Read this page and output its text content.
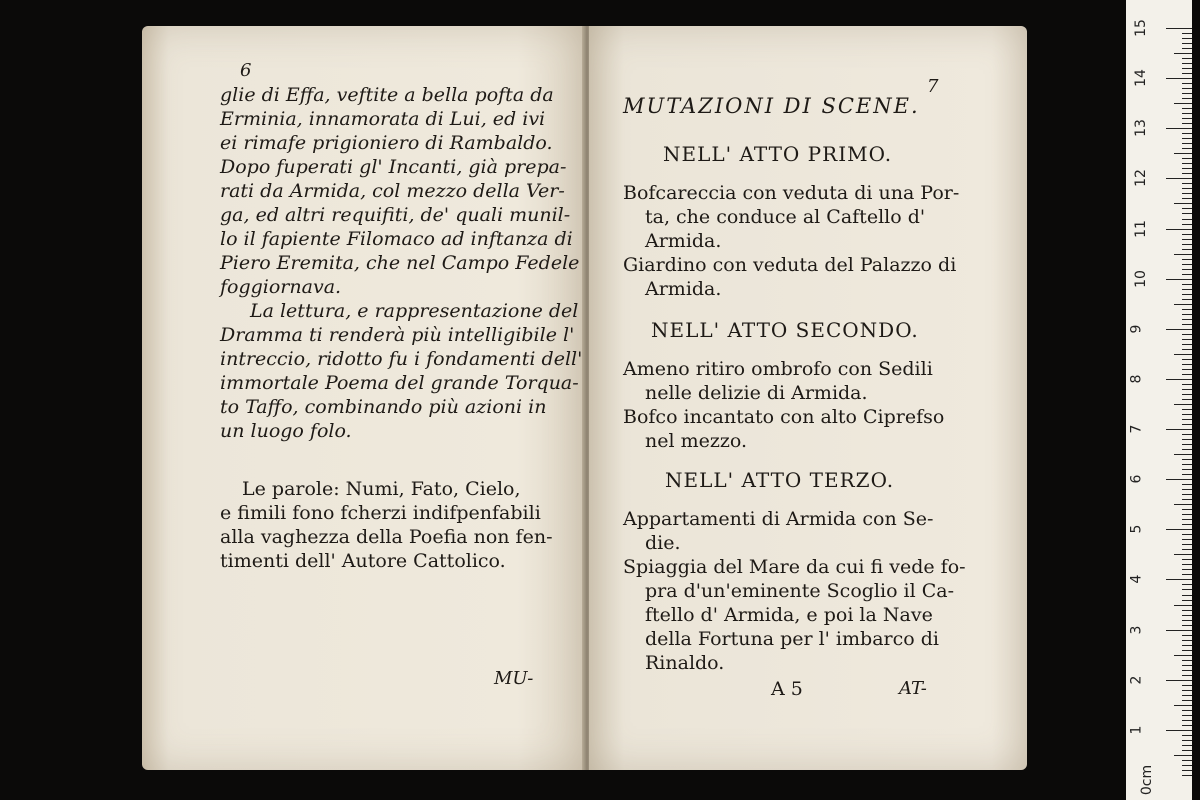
6
glie di Effa, veftite a bella pofta da
Erminia, innamorata di Lui, ed ivi
ei rimafe prigioniero di Rambaldo.
Dopo fuperati gl' Incanti, già prepa-
rati da Armida, col mezzo della Ver-
ga, ed altri requifiti, de' quali munil-
lo il fapiente Filomaco ad inftanza di
Piero Eremita, che nel Campo Fedele
foggiornava.
La lettura, e rappresentazione del
Dramma ti renderà più intelligibile l'
intreccio, ridotto fu i fondamenti dell'
immortale Poema del grande Torqua-
to Taffo, combinando più azioni in
un luogo folo.
Le parole: Numi, Fato, Cielo,
e fimili fono fcherzi indifpenfabili
alla vaghezza della Poefia non fen-
timenti dell' Autore Cattolico.
MU-
7
MUTAZIONI DI SCENE.
NELL' ATTO PRIMO.
Bofcareccia con veduta di una Por-
ta, che conduce al Caftello d'
Armida.
Giardino con veduta del Palazzo di
Armida.
NELL' ATTO SECONDO.
Ameno ritiro ombrofo con Sedili
nelle delizie di Armida.
Bofco incantato con alto Ciprefso
nel mezzo.
NELL' ATTO TERZO.
Appartamenti di Armida con Se-
die.
Spiaggia del Mare da cui fi vede fo-
pra d'un'eminente Scoglio il Ca-
ftello d' Armida, e poi la Nave
della Fortuna per l' imbarco di
Rinaldo.
A 5	AT-
15
14
13
12
11
10
9
8
7
6
5
4
3
2
1
0cm
